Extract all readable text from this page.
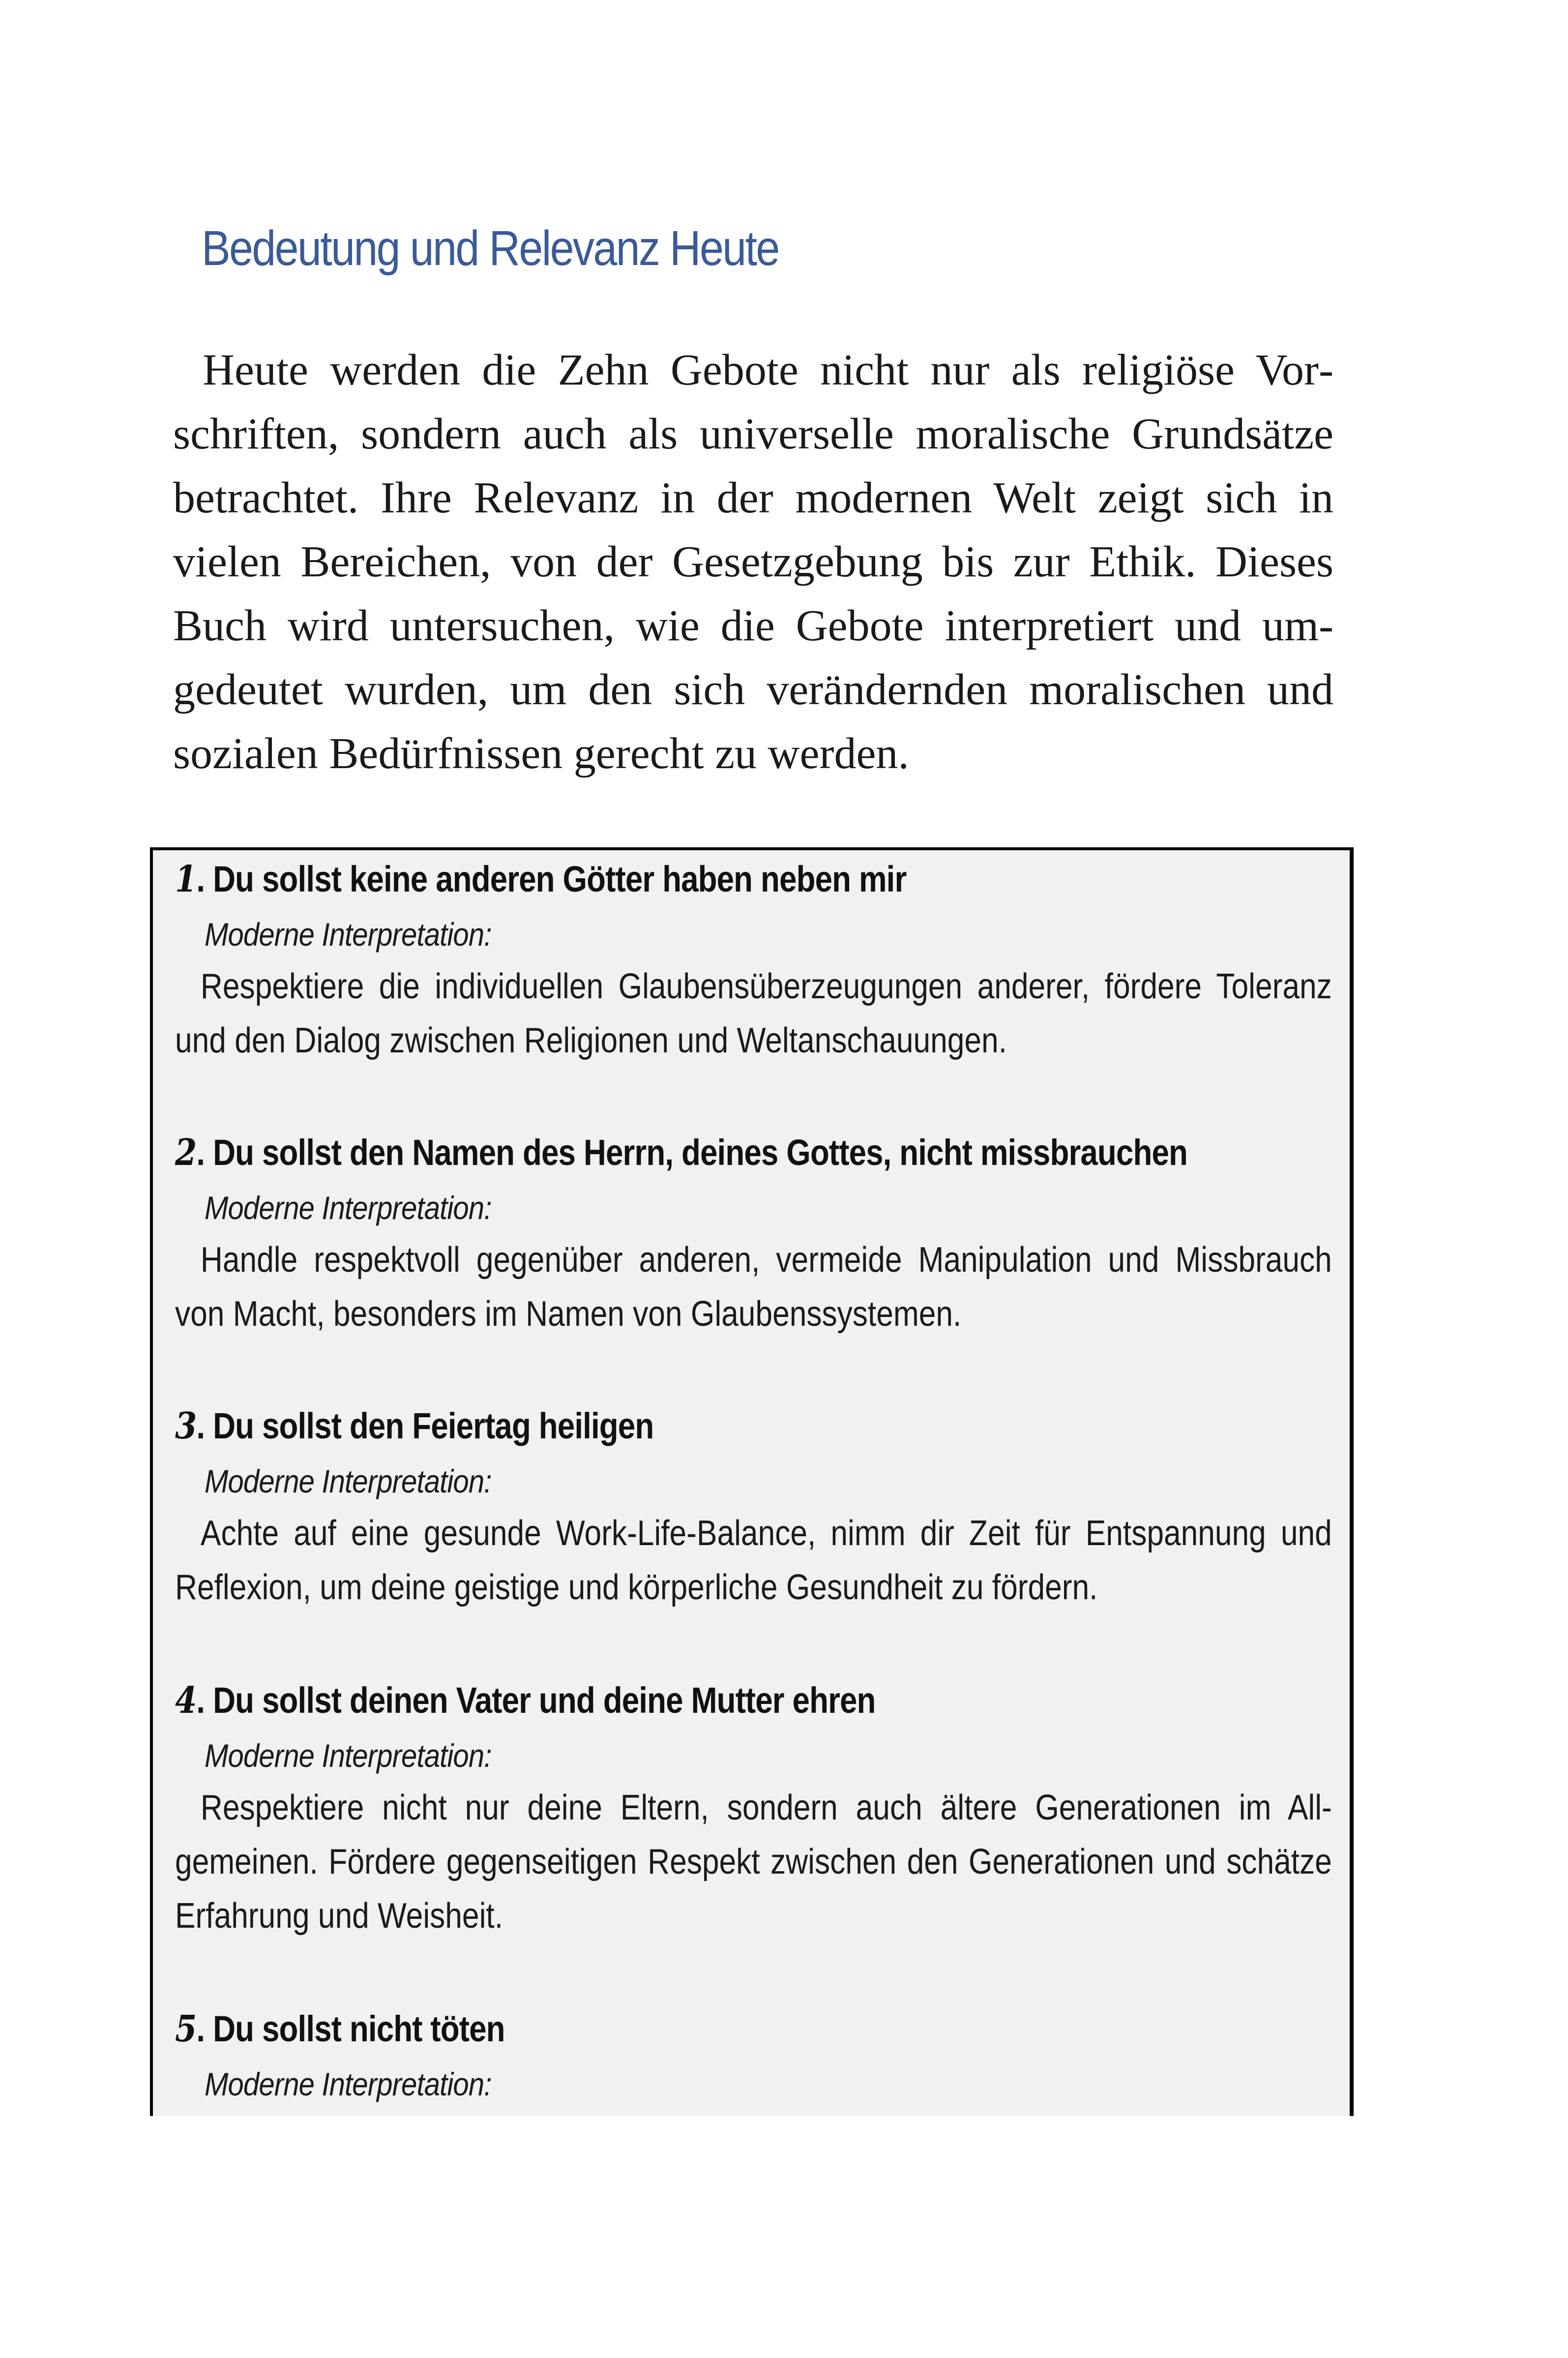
Bedeutung und Relevanz Heute

Heute werden die Zehn Gebote nicht nur als religiöse Vorschriften, sondern auch als universelle moralische Grundsätze betrachtet. Ihre Relevanz in der modernen Welt zeigt sich in vielen Bereichen, von der Gesetzgebung bis zur Ethik. Dieses Buch wird untersuchen, wie die Gebote interpretiert und umgedeutet wurden, um den sich verändernden moralischen und sozialen Bedürfnissen gerecht zu werden.

1. Du sollst keine anderen Götter haben neben mir
Moderne Interpretation:
Respektiere die individuellen Glaubensüberzeugungen anderer, fördere Toleranz und den Dialog zwischen Religionen und Weltanschauungen.
2. Du sollst den Namen des Herrn, deines Gottes, nicht missbrauchen
Moderne Interpretation:
Handle respektvoll gegenüber anderen, vermeide Manipulation und Missbrauch von Macht, besonders im Namen von Glaubenssystemen.
3. Du sollst den Feiertag heiligen
Moderne Interpretation:
Achte auf eine gesunde Work-Life-Balance, nimm dir Zeit für Entspannung und Reflexion, um deine geistige und körperliche Gesundheit zu fördern.
4. Du sollst deinen Vater und deine Mutter ehren
Moderne Interpretation:
Respektiere nicht nur deine Eltern, sondern auch ältere Generationen im Allgemeinen. Fördere gegenseitigen Respekt zwischen den Generationen und schätze Erfahrung und Weisheit.
5. Du sollst nicht töten
Moderne Interpretation:
